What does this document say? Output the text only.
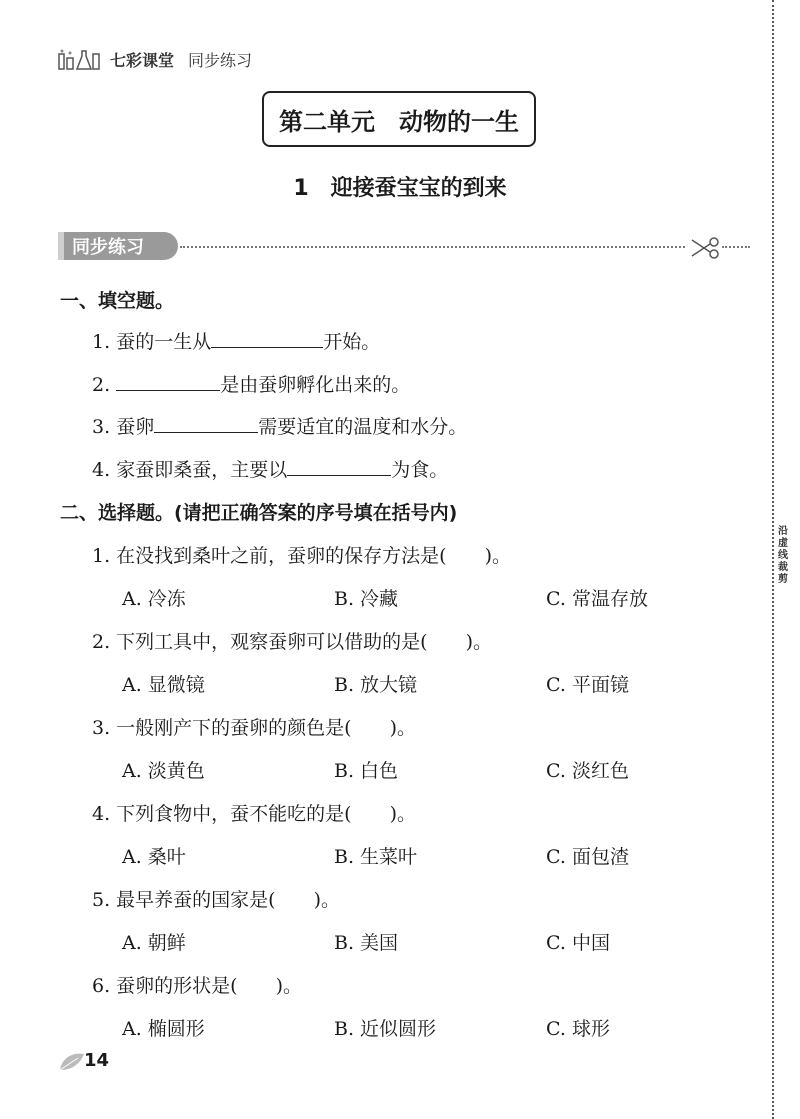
七彩课堂 同步练习
沿虚线裁剪
第二单元　动物的一生
1　迎接蚕宝宝的到来
同步练习
一、填空题。
1. 蚕的一生从	开始。
2.	是由蚕卵孵化出来的。
3. 蚕卵	需要适宜的温度和水分。
4. 家蚕即桑蚕，主要以	为食。
二、选择题。(请把正确答案的序号填在括号内)
1. 在没找到桑叶之前，蚕卵的保存方法是(　　)。
A. 冷冻	B. 冷藏	C. 常温存放
2. 下列工具中，观察蚕卵可以借助的是(　　)。
A. 显微镜	B. 放大镜	C. 平面镜
3. 一般刚产下的蚕卵的颜色是(　　)。
A. 淡黄色	B. 白色	C. 淡红色
4. 下列食物中，蚕不能吃的是(　　)。
A. 桑叶	B. 生菜叶	C. 面包渣
5. 最早养蚕的国家是(　　)。
A. 朝鲜	B. 美国	C. 中国
6. 蚕卵的形状是(　　)。
A. 椭圆形	B. 近似圆形	C. 球形
14
